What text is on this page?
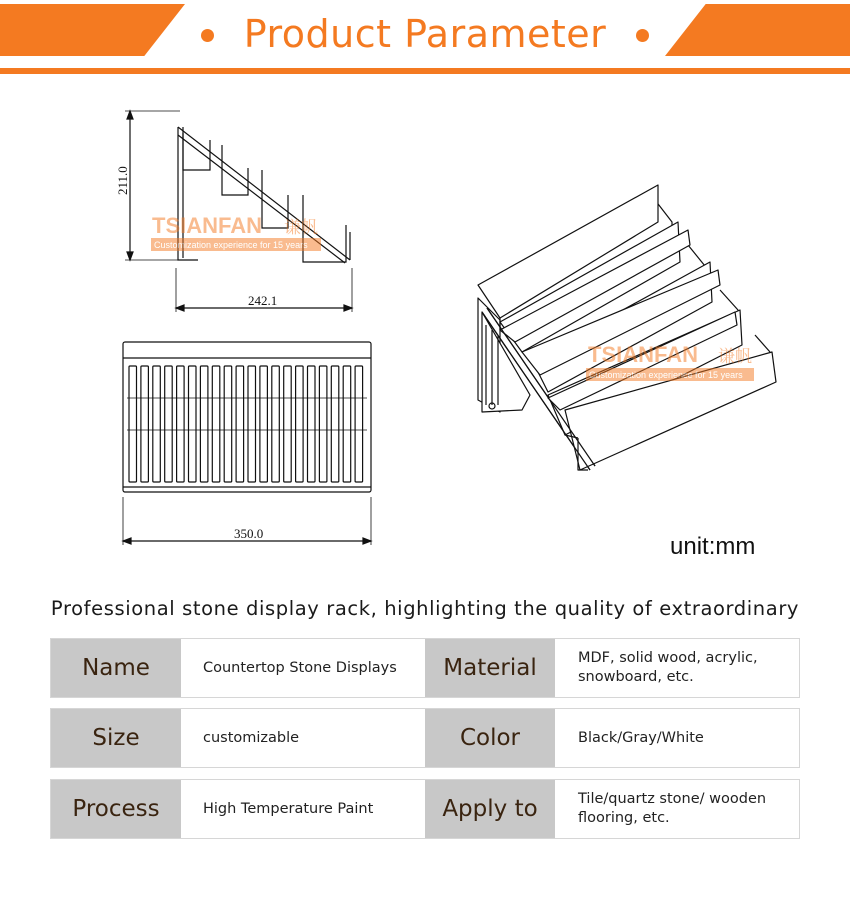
Product Parameter
211.0
242.1
350.0
TSIANFAN 谦帆
Customization experience for 15 years
TSIANFAN 谦帆
Customization experience for 15 years
unit:mm
Professional stone display rack, highlighting the quality of extraordinary
Name	Countertop Stone Displays	Material	MDF, solid wood, acrylic, snowboard, etc.
Size	customizable	Color	Black/Gray/White
Process	High Temperature Paint	Apply to	Tile/quartz stone/ wooden flooring, etc.
